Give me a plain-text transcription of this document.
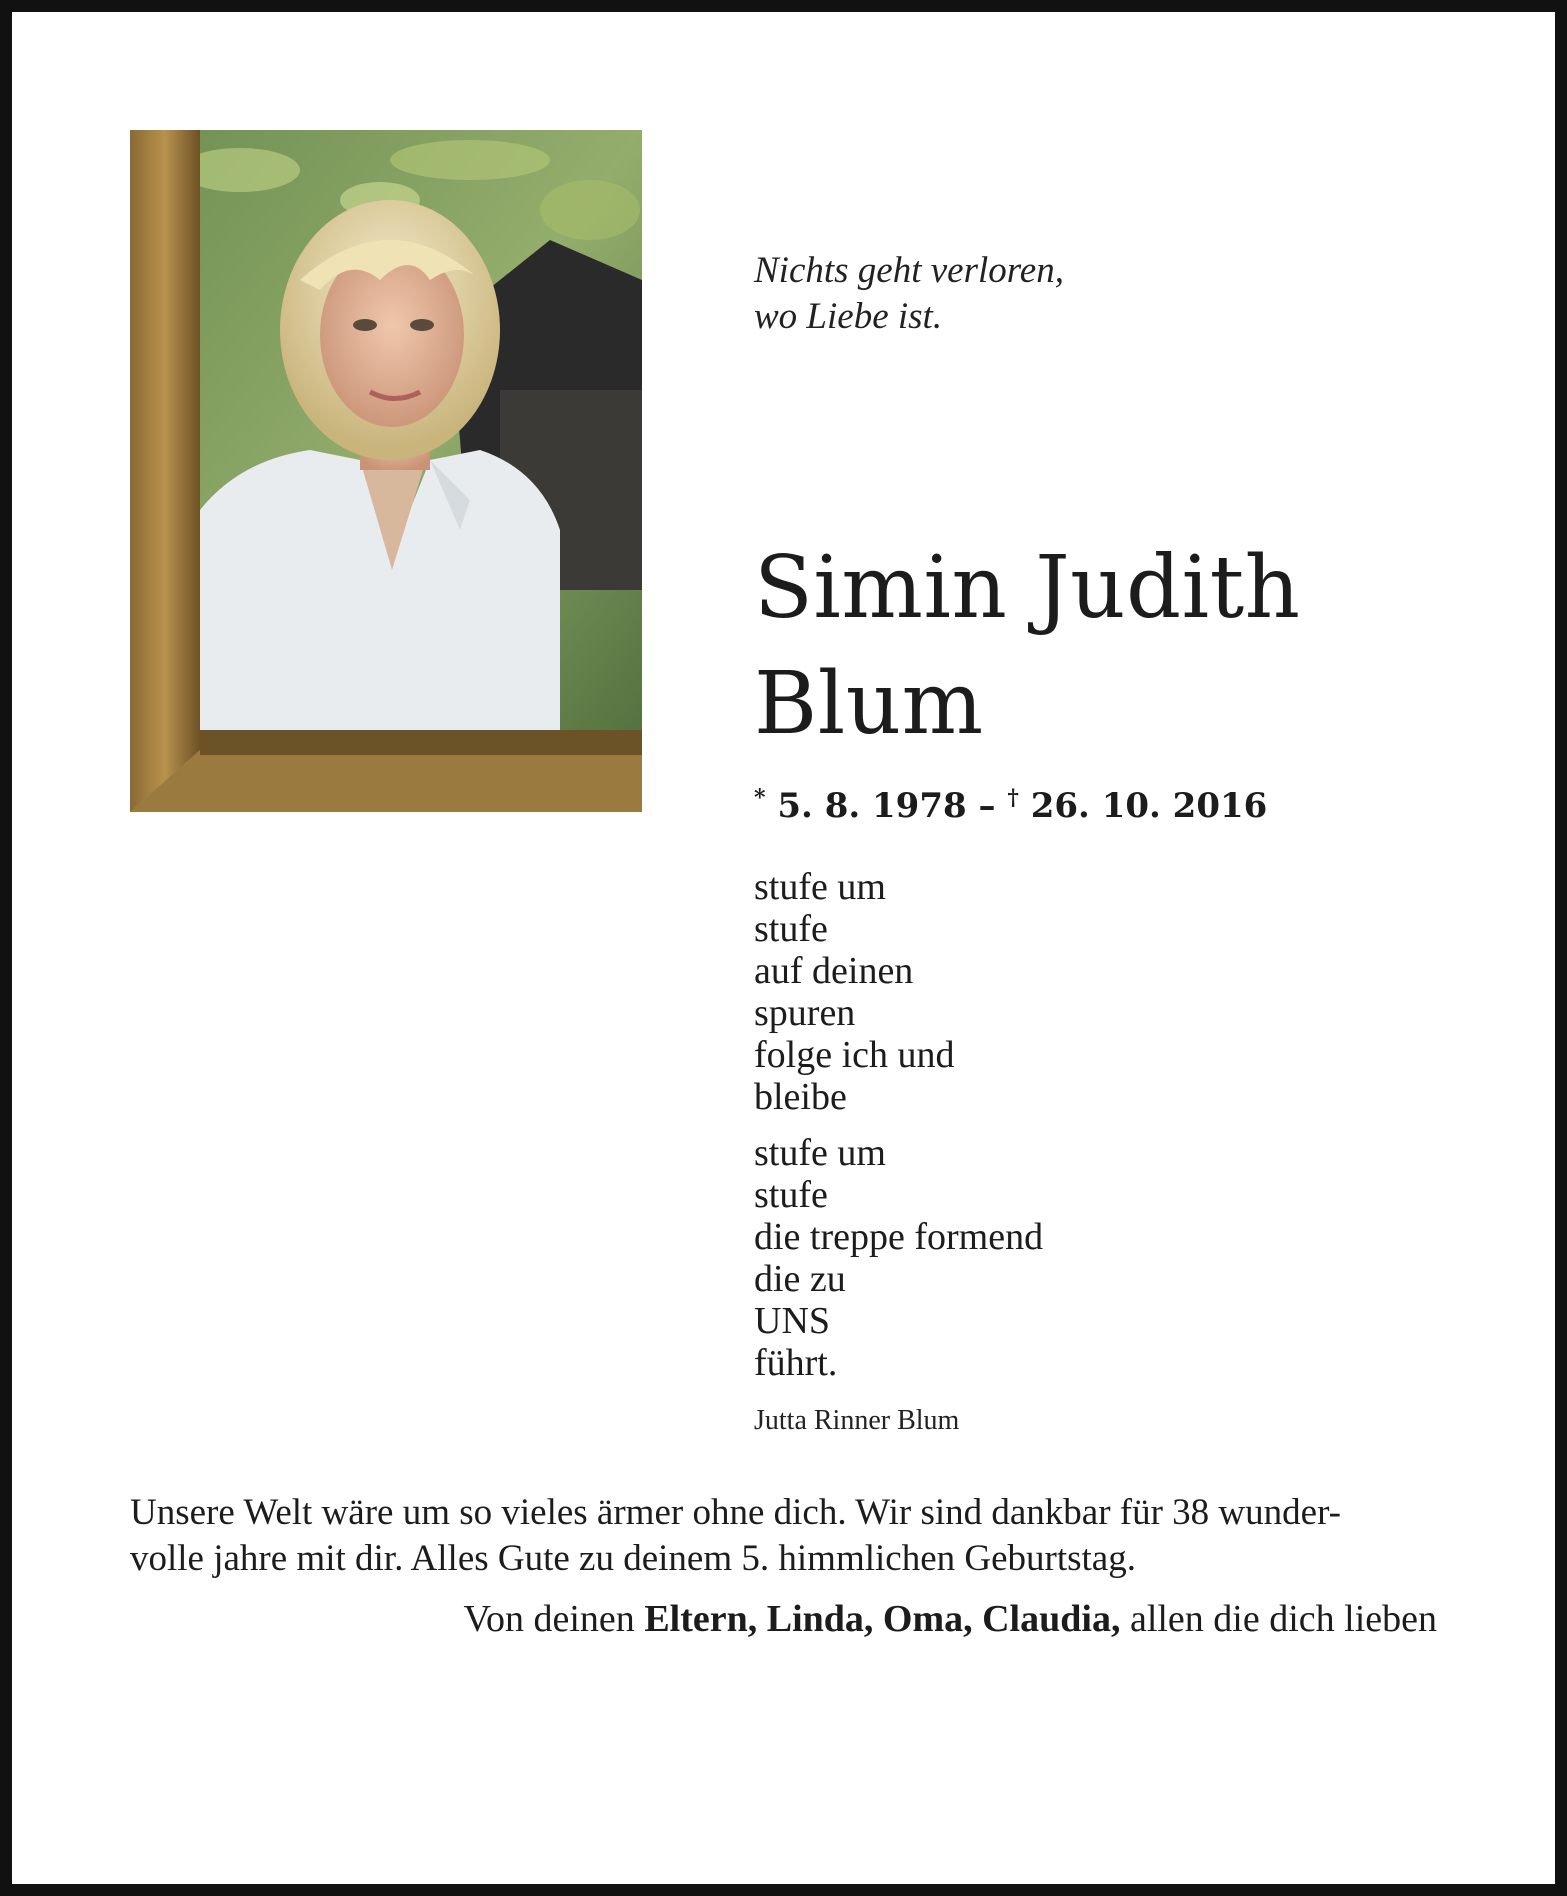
Nichts geht verloren,
wo Liebe ist.
Simin Judith
Blum
* 5. 8. 1978 – † 26. 10. 2016
stufe um
stufe
auf deinen
spuren
folge ich und
bleibe
stufe um
stufe
die treppe formend
die zu
UNS
führt.
Jutta Rinner Blum
Unsere Welt wäre um so vieles ärmer ohne dich. Wir sind dankbar für 38 wunder-
volle jahre mit dir. Alles Gute zu deinem 5. himmlichen Geburtstag.
Von deinen Eltern, Linda, Oma, Claudia, allen die dich lieben
